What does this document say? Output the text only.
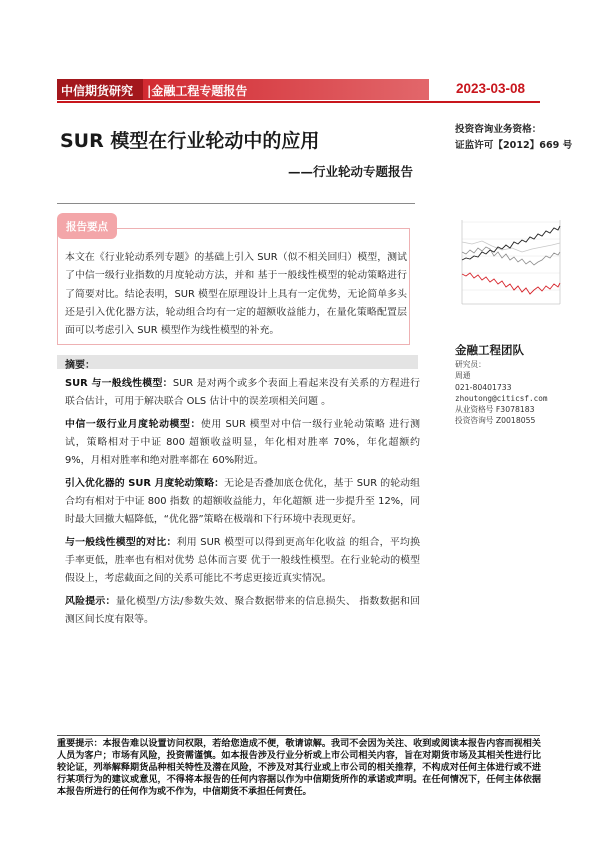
中信期货研究 |金融工程专题报告	2023-03-08
SUR 模型在行业轮动中的应用
——行业轮动专题报告
投资咨询业务资格：
证监许可【2012】669 号
报告要点
本文在《行业轮动系列专题》的基础上引入 SUR（似不相关回归）模型，测试了中信一级行业指数的月度轮动方法，并和 基于一般线性模型的轮动策略进行了简要对比。结论表明，SUR 模型在原理设计上具有一定优势，无论简单多头还是引入优化器方法，轮动组合均有一定的超额收益能力，在量化策略配置层面可以考虑引入 SUR 模型作为线性模型的补充。
摘要：

SUR 与一般线性模型：SUR 是对两个或多个表面上看起来没有关系的方程进行联合估计，可用于解决联合 OLS 估计中的误差项相关问题 。

中信一级行业月度轮动模型：使用 SUR 模型对中信一级行业轮动策略 进行测试，策略相对于中证 800 超额收益明显，年化相对胜率 70%，年化超额约 9%，月相对胜率和绝对胜率都在 60%附近。

引入优化器的 SUR 月度轮动策略：无论是否叠加底仓优化，基于 SUR 的轮动组合均有相对于中证 800 指数 的超额收益能力，年化超额 进一步提升至 12%，同时最大回撤大幅降低，“优化器”策略在极端和下行环境中表现更好。

与一般线性模型的对比：利用 SUR 模型可以得到更高年化收益 的组合，平均换手率更低，胜率也有相对优势 总体而言要 优于一般线性模型。在行业轮动的模型假设上，考虑截面之间的关系可能比不考虑更接近真实情况。

风险提示：量化模型/方法/参数失效、聚合数据带来的信息损失、 指数数据和回测区间长度有限等。

金融工程团队
研究员：
周通
021-80401733
zhoutong@citicsf.com
从业资格号 F3078183
投资咨询号 Z0018055
重要提示：本报告难以设置访问权限，若给您造成不便，敬请谅解。我司不会因为关注、收到或阅读本报告内容而视相关人员为客户；市场有风险，投资需谨慎。如本报告涉及行业分析或上市公司相关内容，旨在对期货市场及其相关性进行比较论证，列举解释期货品种相关特性及潜在风险，不涉及对其行业或上市公司的相关推荐，不构成对任何主体进行或不进行某项行为的建议或意见，不得将本报告的任何内容据以作为中信期货所作的承诺或声明。在任何情况下，任何主体依据本报告所进行的任何作为或不作为，中信期货不承担任何责任。
